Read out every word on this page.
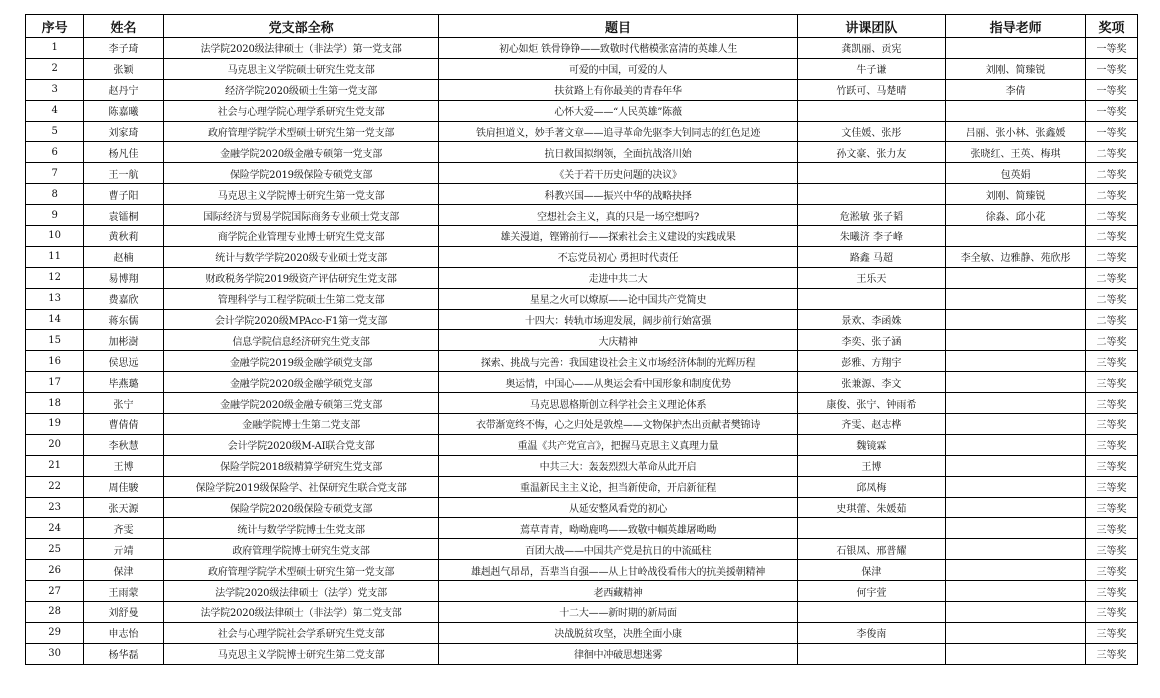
序号	姓名	党支部全称	题目	讲课团队	指导老师	奖项
1	李子琦	法学院2020级法律硕士（非法学）第一党支部	初心如炬 铁骨铮铮——致敬时代楷模张富清的英雄人生	龚凯丽、贡宪		一等奖
2	张颖	马克思主义学院硕士研究生党支部	可爱的中国，可爱的人	牛子谦	刘刚、简臻锐	一等奖
3	赵丹宁	经济学院2020级硕士生第一党支部	扶贫路上有你最美的青春年华	竹跃可、马楚晴	李倩	一等奖
4	陈嘉曦	社会与心理学院心理学系研究生党支部	心怀大爱——“人民英雄”陈薇			一等奖
5	刘家琦	政府管理学院学术型硕士研究生第一党支部	铁肩担道义，妙手著文章——追寻革命先驱李大钊同志的红色足迹	文佳媛、张彤	吕丽、张小林、张鑫媛	一等奖
6	杨凡佳	金融学院2020级金融专硕第一党支部	抗日救国拟纲领，全面抗战洛川始	孙文豪、张力友	张晓红、王英、梅琪	二等奖
7	王一航	保险学院2019级保险专硕党支部	《关于若干历史问题的决议》		包英娟	二等奖
8	曹子阳	马克思主义学院博士研究生第一党支部	科教兴国——振兴中华的战略抉择		刘刚、简臻锐	二等奖
9	袁镭桐	国际经济与贸易学院国际商务专业硕士党支部	空想社会主义，真的只是一场空想吗?	危淞敏 张子韬	徐淼、邱小花	二等奖
10	黄秋莉	商学院企业管理专业博士研究生党支部	雄关漫道，铿锵前行——探索社会主义建设的实践成果	朱曦济 李子峰		二等奖
11	赵楠	统计与数学学院2020级专业硕士党支部	不忘党员初心 勇担时代责任	路鑫 马超	李全敏、边雅静、苑欣彤	二等奖
12	易博翔	财政税务学院2019级资产评估研究生党支部	走进中共二大	王乐天		二等奖
13	费嘉欣	管理科学与工程学院硕士生第二党支部	星星之火可以燎原——论中国共产党简史			二等奖
14	蒋东儒	会计学院2020级MPAcc-F1第一党支部	十四大：转轨市场迎发展，阔步前行始富强	景欢、李函姝		二等奖
15	加彬澍	信息学院信息经济研究生党支部	大庆精神	李奕、张子涵		二等奖
16	侯思远	金融学院2019级金融学硕党支部	探索、挑战与完善：我国建设社会主义市场经济体制的光辉历程	彭雅、方翔宇		三等奖
17	毕燕璐	金融学院2020级金融学硕党支部	奥运情，中国心——从奥运会看中国形象和制度优势	张兼源、李文		三等奖
18	张宁	金融学院2020级金融专硕第三党支部	马克思恩格斯创立科学社会主义理论体系	康俊、张宁、钟雨希		三等奖
19	曹倩倩	金融学院博士生第二党支部	衣带渐宽终不悔，心之归处是敦煌——文物保护杰出贡献者樊锦诗	齐雯、赵志桦		三等奖
20	李秋慧	会计学院2020级M-AI联合党支部	重温《共产党宣言》，把握马克思主义真理力量	魏镜霖		三等奖
21	王博	保险学院2018级精算学研究生党支部	中共三大：轰轰烈烈大革命从此开启	王博		三等奖
22	周佳駿	保险学院2019级保险学、社保研究生联合党支部	重温新民主主义论，担当新使命，开启新征程	邱凤梅		三等奖
23	张天源	保险学院2020级保险专硕党支部	从延安整风看党的初心	史琪蕾、朱媛茹		三等奖
24	齐雯	统计与数学学院博士生党支部	蔫草青青，呦呦鹿鸣——致敬中帼英雄屠呦呦			三等奖
25	亓靖	政府管理学院博士研究生党支部	百团大战——中国共产党是抗日的中流砥柱	石银凤、邢普耀		三等奖
26	保津	政府管理学院学术型硕士研究生第一党支部	雄赳赳气昂昂，吾辈当自强——从上甘岭战役看伟大的抗美援朝精神	保津		三等奖
27	王雨蒙	法学院2020级法律硕士（法学）党支部	老西藏精神	何宇萱		三等奖
28	刘舒曼	法学院2020级法律硕士（非法学）第二党支部	十二大——新时期的新局面			三等奖
29	申志怡	社会与心理学院社会学系研究生党支部	决战脱贫攻坚，决胜全面小康	李俊南		三等奖
30	杨华磊	马克思主义学院博士研究生第二党支部	律徊中冲破思想迷雾			三等奖
